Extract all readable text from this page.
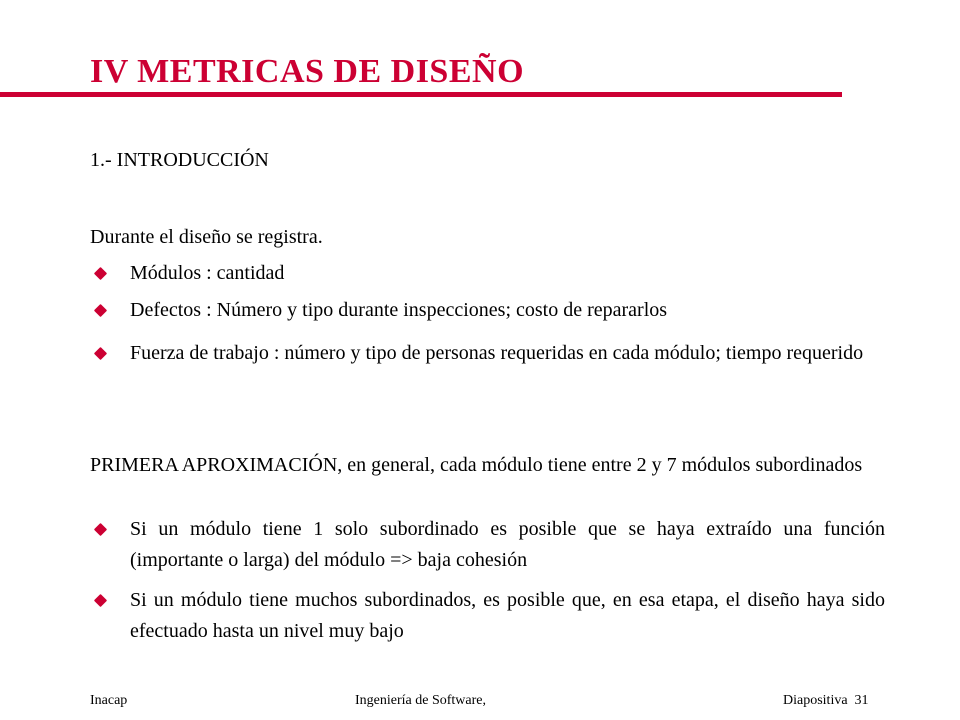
IV METRICAS DE DISEÑO
1.- INTRODUCCIÓN
Durante el diseño se registra.
Módulos : cantidad
Defectos : Número y tipo durante inspecciones; costo de repararlos
Fuerza de trabajo : número y tipo de personas requeridas en cada módulo; tiempo requerido
PRIMERA APROXIMACIÓN, en general, cada módulo tiene entre 2 y 7 módulos subordinados
Si un módulo tiene 1 solo subordinado es posible que se haya extraído una función (importante o larga) del módulo => baja cohesión
Si un módulo tiene muchos subordinados, es posible que, en esa etapa, el diseño haya sido efectuado hasta un nivel muy bajo
Inacap	Ingeniería de Software,	Diapositiva  31
